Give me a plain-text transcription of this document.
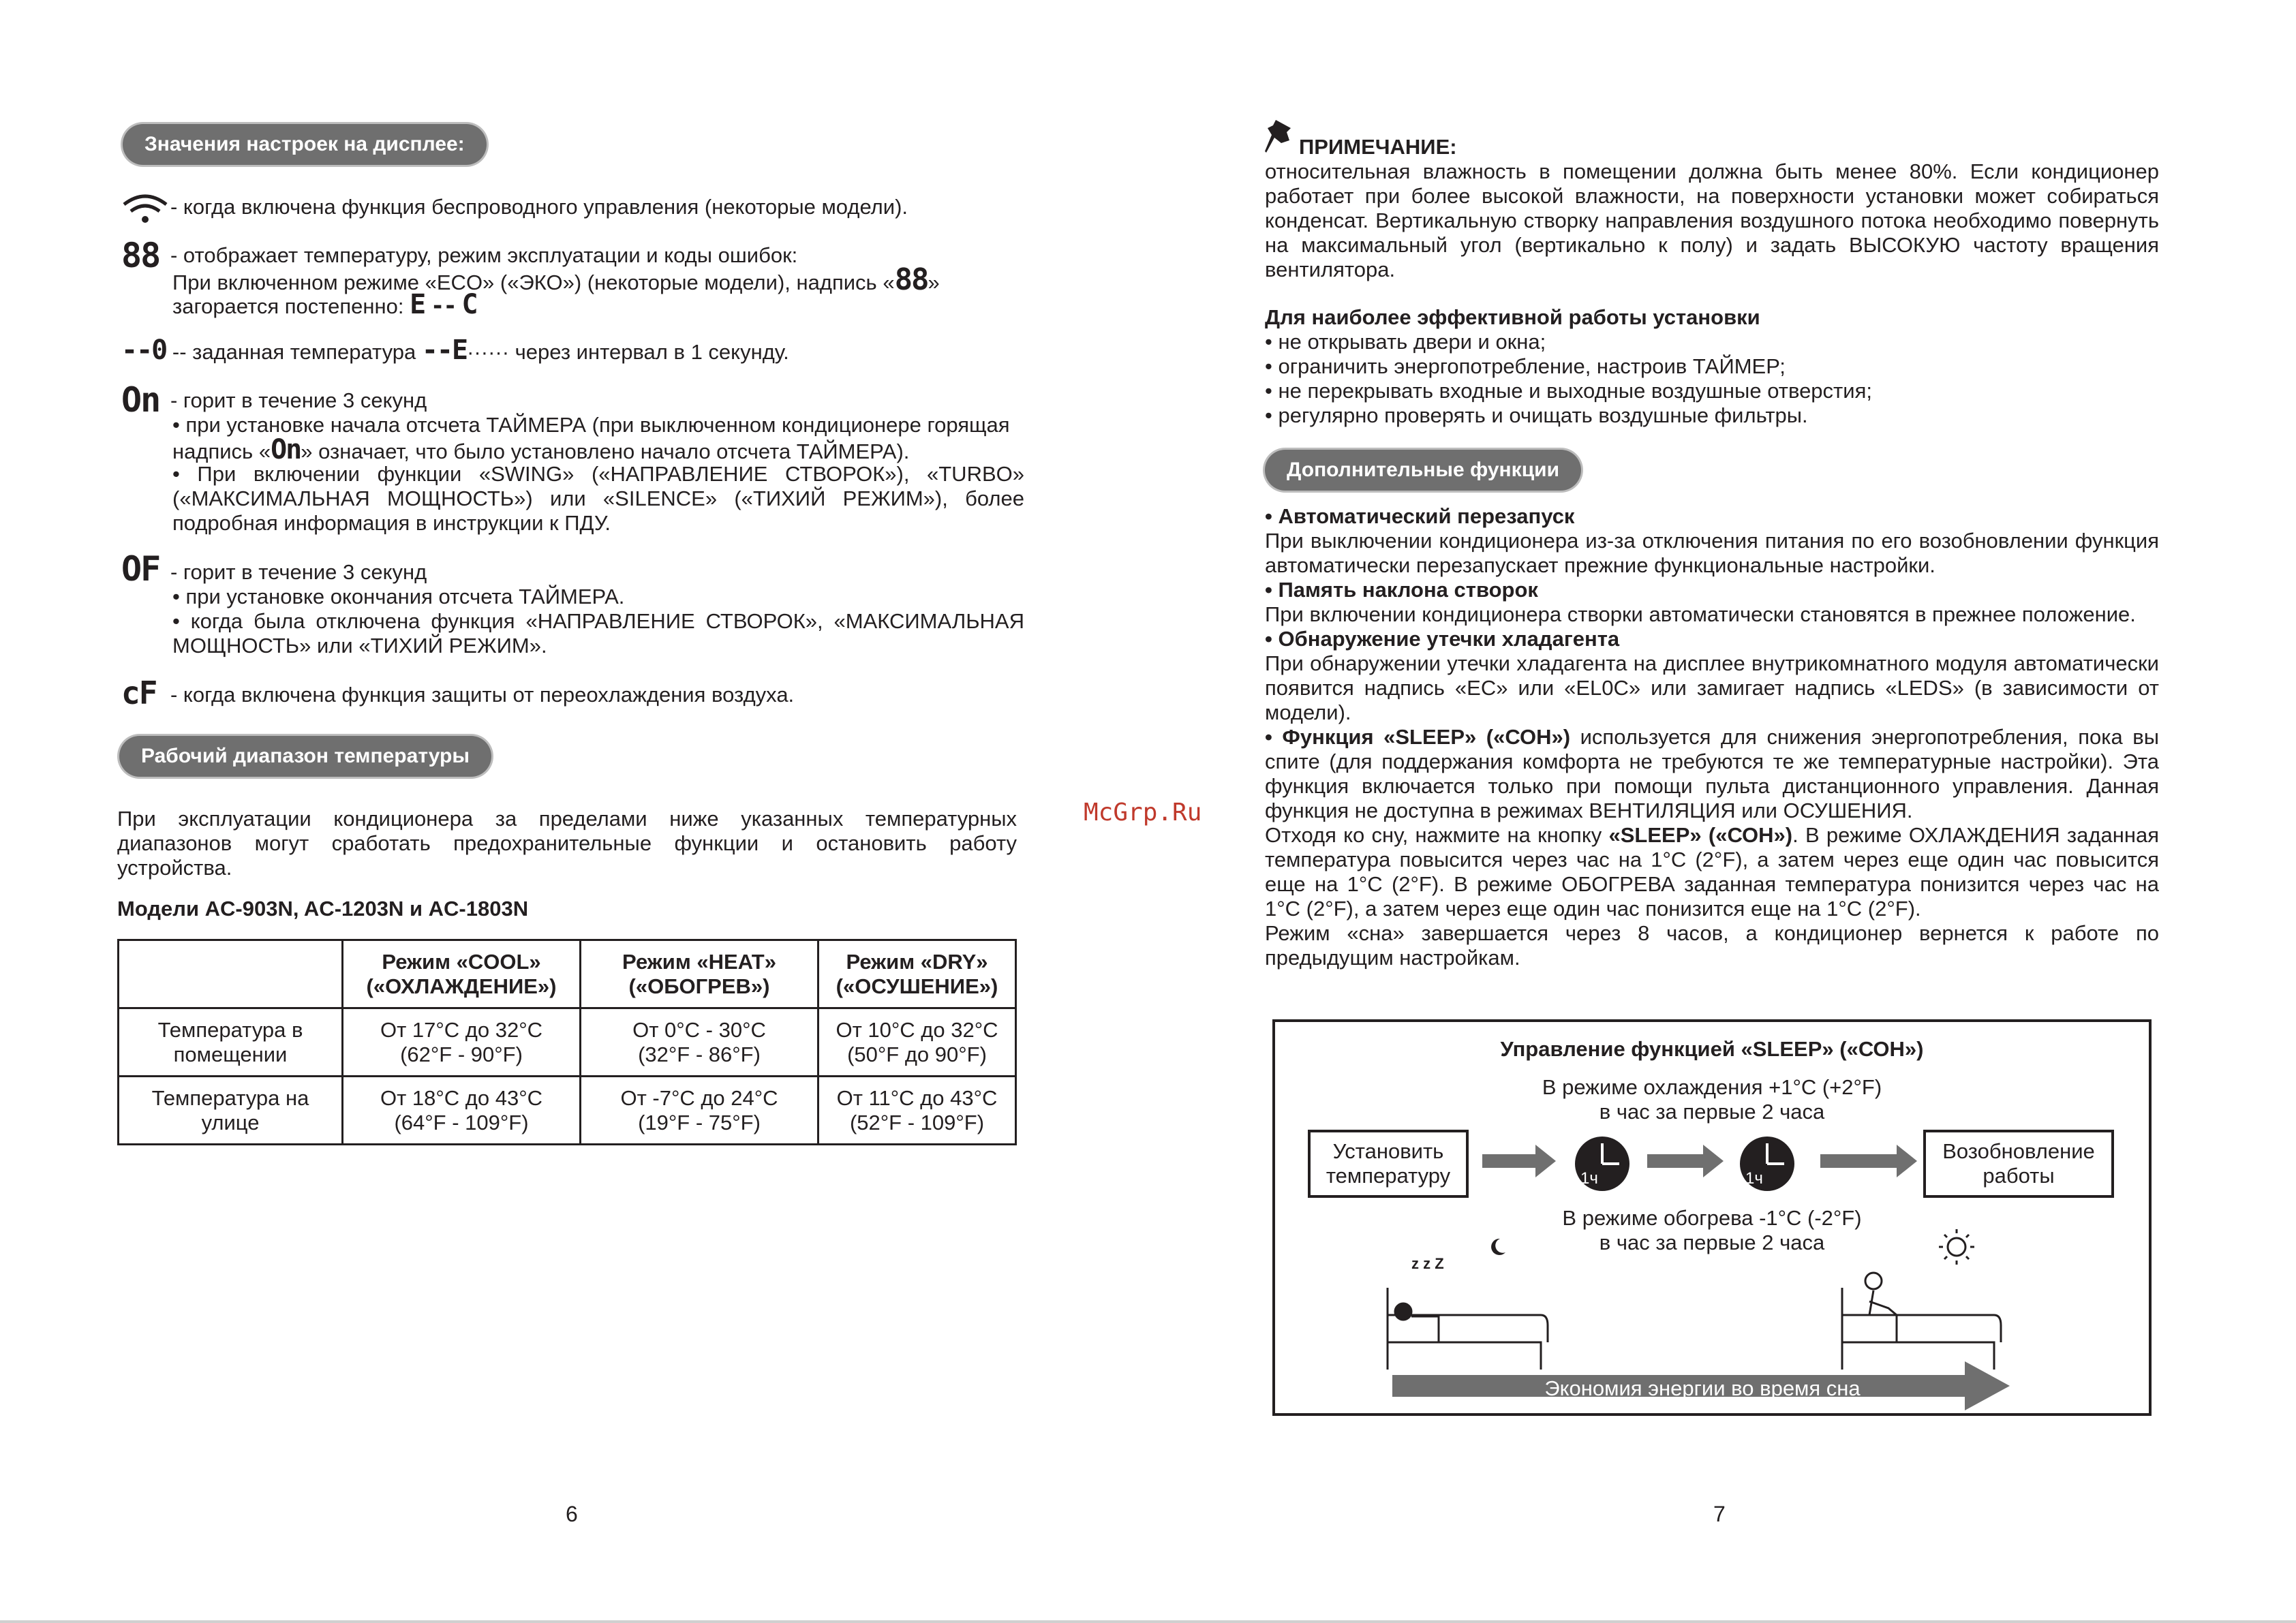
Значения настроек на дисплее:
- когда включена функция беспроводного управления (некоторые модели).
88 - отображает температуру, режим эксплуатации и коды ошибок:
При включенном режиме «ECO» («ЭКО») (некоторые модели), надпись «88»
загорается постепенно: E -- C
--0 -- заданная температура --E······ через интервал в 1 секунду.
On - горит в течение 3 секунд
• при установке начала отсчета ТАЙМЕРА (при выключенном кондиционере горящая
надпись «On» означает, что было установлено начало отсчета ТАЙМЕРА).
• При включении функции «SWING» («НАПРАВЛЕНИЕ СТВОРОК»), «TURBO»
(«МАКСИМАЛЬНАЯ МОЩНОСТЬ») или «SILENCE» («ТИХИЙ РЕЖИМ»), более
подробная информация в инструкции к ПДУ.
OF - горит в течение 3 секунд
• при установке окончания отсчета ТАЙМЕРА.
• когда была отключена функция «НАПРАВЛЕНИЕ СТВОРОК», «МАКСИМАЛЬНАЯ
МОЩНОСТЬ» или «ТИХИЙ РЕЖИМ».
cF - когда включена функция защиты от переохлаждения воздуха.
Рабочий диапазон температуры
При эксплуатации кондиционера за пределами ниже указанных температурных диапазонов могут сработать предохранительные функции и остановить работу устройства.
Модели AC-903N, AC-1203N и AC-1803N
	Режим «COOL»
(«ОХЛАЖДЕНИЕ»)	Режим «HEAT»
(«ОБОГРЕВ»)	Режим «DRY»
(«ОСУШЕНИЕ»)
Температура в
помещении	От 17°C до 32°C
(62°F - 90°F)	От 0°C - 30°C
(32°F - 86°F)	От 10°C до 32°C
(50°F до 90°F)
Температура на
улице	От 18°C до 43°C
(64°F - 109°F)	От -7°C до 24°C
(19°F - 75°F)	От 11°C до 43°C
(52°F - 109°F)
6
McGrp.Ru
ПРИМЕЧАНИЕ:
относительная влажность в помещении должна быть менее 80%. Если кондиционер работает при более высокой влажности, на поверхности установки может собираться конденсат. Вертикальную створку направления воздушного потока необходимо повернуть на максимальный угол (вертикально к полу) и задать ВЫСОКУЮ частоту вращения вентилятора.
Для наиболее эффективной работы установки
• не открывать двери и окна;
• ограничить энергопотребление, настроив ТАЙМЕР;
• не перекрывать входные и выходные воздушные отверстия;
• регулярно проверять и очищать воздушные фильтры.
Дополнительные функции
• Автоматический перезапуск
При выключении кондиционера из-за отключения питания по его возобновлении функция автоматически перезапускает прежние функциональные настройки.
• Память наклона створок
При включении кондиционера створки автоматически становятся в прежнее положение.
• Обнаружение утечки хладагента
При обнаружении утечки хладагента на дисплее внутрикомнатного модуля автоматически появится надпись «EC» или «EL0C» или замигает надпись «LEDS» (в зависимости от модели).
• Функция «SLEEP» («СОН») используется для снижения энергопотребления, пока вы спите (для поддержания комфорта не требуются те же температурные настройки). Эта функция включается только при помощи пульта дистанционного управления. Данная функция не доступна в режимах ВЕНТИЛЯЦИЯ или ОСУШЕНИЯ.
Отходя ко сну, нажмите на кнопку «SLEEP» («СОН»). В режиме ОХЛАЖДЕНИЯ заданная температура повысится через час на 1°С (2°F), а затем через еще один час повысится еще на 1°С (2°F). В режиме ОБОГРЕВА заданная температура понизится через час на 1°С (2°F), а затем через еще один час понизится еще на 1°С (2°F).
Режим «сна» завершается через 8 часов, а кондиционер вернется к работе по предыдущим настройкам.
Управление функцией «SLEEP» («СОН»)
В режиме охлаждения +1°C (+2°F)
в час за первые 2 часа
Установить
температуру
Возобновление
работы
1ч	1ч
В режиме обогрева -1°C (-2°F)
в час за первые 2 часа
z z Z
Экономия энергии во время сна
7
